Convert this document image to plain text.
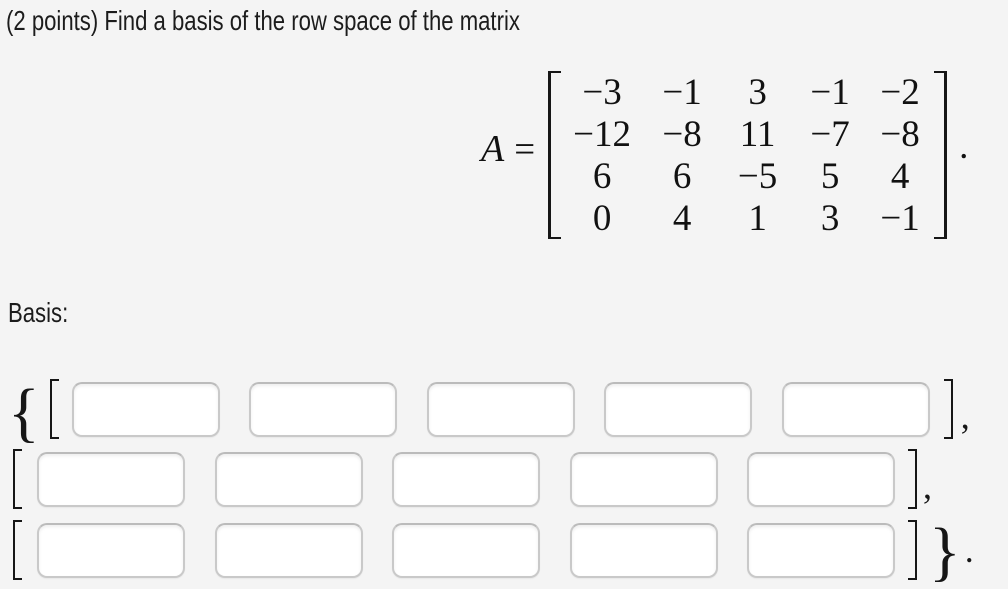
(2 points) Find a basis of the row space of the matrix
A =
−3 −1 3 −1 −2
−12 −8 11 −7 −8
6 6 −5 5 4
0 4 1 3 −1
.
Basis:
{	,
,
} .
